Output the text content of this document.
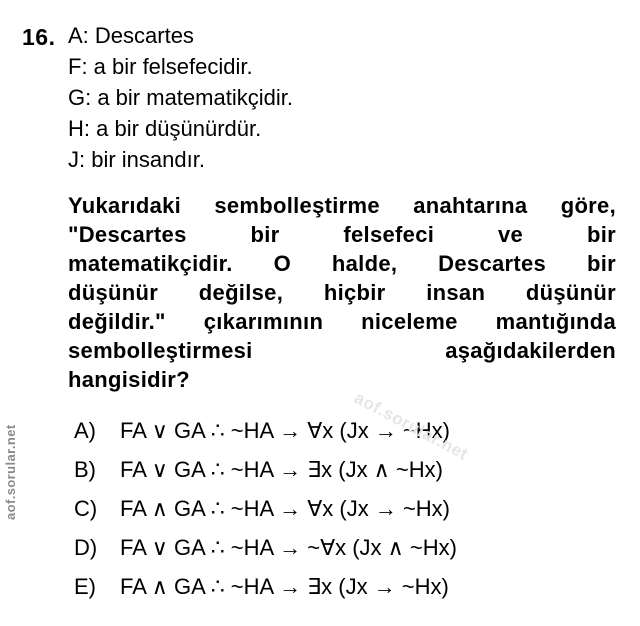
16. A: Descartes
F: a bir felsefecidir.
G: a bir matematikçidir.
H: a bir düşünürdür.
J: bir insandır.
Yukarıdaki sembolleştirme anahtarına göre,
"Descartes bir felsefeci ve bir
matematikçidir. O halde, Descartes bir
düşünür değilse, hiçbir insan düşünür
değildir." çıkarımının niceleme mantığında
sembolleştirmesi aşağıdakilerden
hangisidir?
A) FA ∨ GA ∴ ~HA → ∀x (Jx → ~Hx)
B) FA ∨ GA ∴ ~HA → ∃x (Jx ∧ ~Hx)
C) FA ∧ GA ∴ ~HA → ∀x (Jx → ~Hx)
D) FA ∨ GA ∴ ~HA → ~∀x (Jx ∧ ~Hx)
E) FA ∧ GA ∴ ~HA → ∃x (Jx → ~Hx)
aof.sorular.net	aof.sorular.net
